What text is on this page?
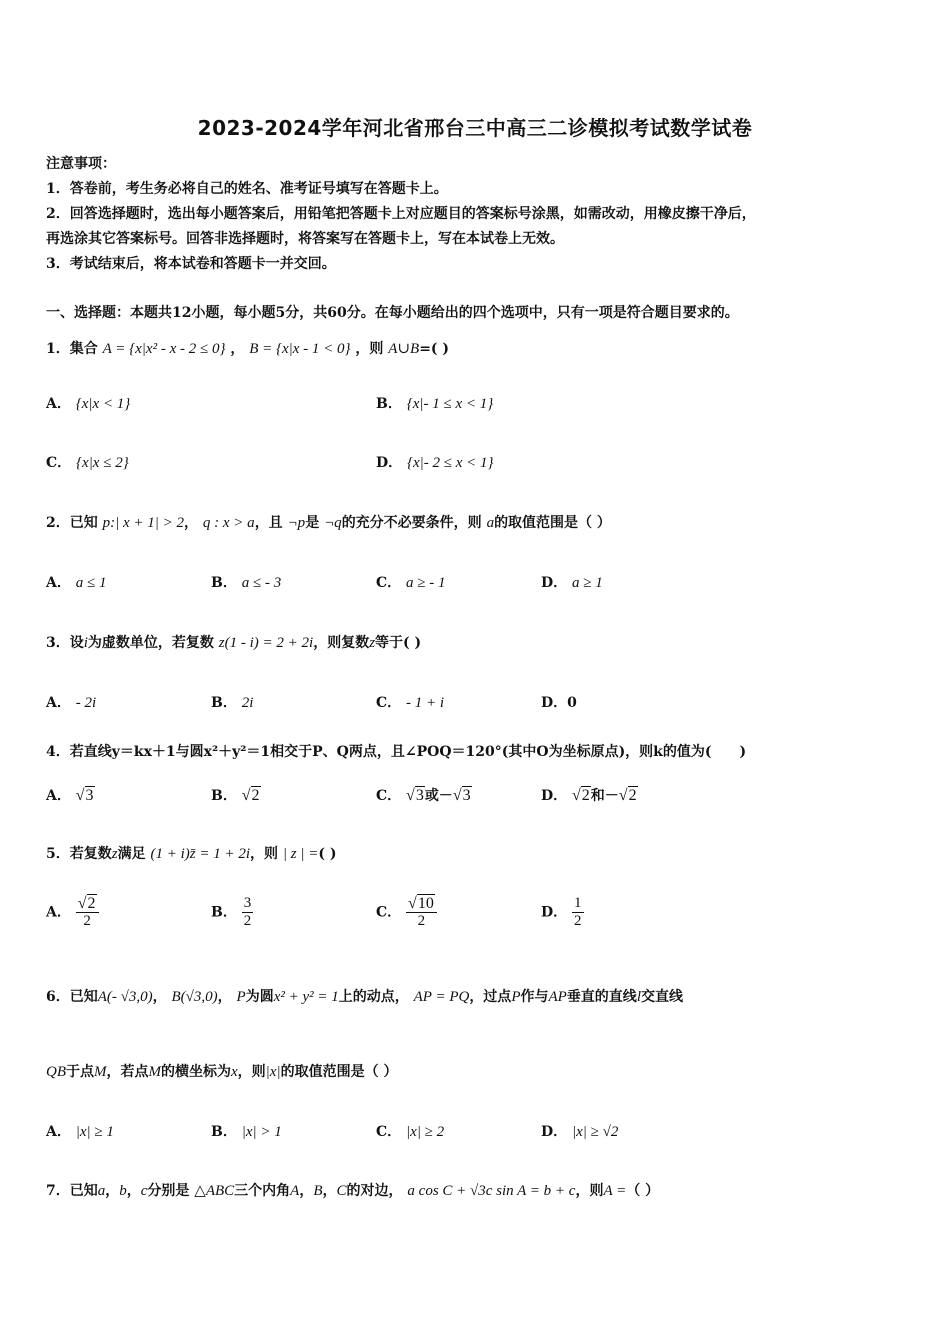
2023-2024学年河北省邢台三中高三二诊模拟考试数学试卷
注意事项：
1．答卷前，考生务必将自己的姓名、准考证号填写在答题卡上。
2．回答选择题时，选出每小题答案后，用铅笔把答题卡上对应题目的答案标号涂黑，如需改动，用橡皮擦干净后，
再选涂其它答案标号。回答非选择题时，将答案写在答题卡上，写在本试卷上无效。
3．考试结束后，将本试卷和答题卡一并交回。
一、选择题：本题共12小题，每小题5分，共60分。在每小题给出的四个选项中，只有一项是符合题目要求的。
1．集合 A = {x|x² - x - 2 ≤ 0} ， B = {x|x - 1 < 0} ，则 A∪B=( )
A． {x|x < 1}	B． {x|- 1 ≤ x < 1}
C． {x|x ≤ 2}	D． {x|- 2 ≤ x < 1}
2．已知 p:| x + 1| > 2， q : x > a，且 ¬p是 ¬q的充分不必要条件，则 a的取值范围是（ ）
A． a ≤ 1	B． a ≤ - 3	C． a ≥ - 1	D． a ≥ 1
3．设i为虚数单位，若复数 z(1 - i) = 2 + 2i，则复数z等于( )
A． - 2i	B． 2i	C． - 1 + i	D．0
4．若直线y＝kx＋1与圆x²＋y²＝1相交于P、Q两点，且∠POQ＝120°(其中O为坐标原点)，则k的值为(　　)
A． √3	B． √2	C． √3或－√3	D． √2和－√2
5．若复数z满足 (1 + i)z̄ = 1 + 2i，则 | z | =( )
A． $\frac{√2}{2}$	B． $\frac{3}{2}$	C． $\frac{√10}{2}$	D． $\frac{1}{2}$
6．已知A(- √3,0)， B(√3,0)， P为圆x² + y² = 1上的动点， AP = PQ，过点P作与AP垂直的直线l交直线
QB于点M，若点M的横坐标为x，则|x|的取值范围是（ ）
A． |x| ≥ 1	B． |x| > 1	C． |x| ≥ 2	D． |x| ≥ √2
7．已知a，b，c分别是 △ABC三个内角A，B，C的对边， a cos C + √3c sin A = b + c，则A =（ ）
